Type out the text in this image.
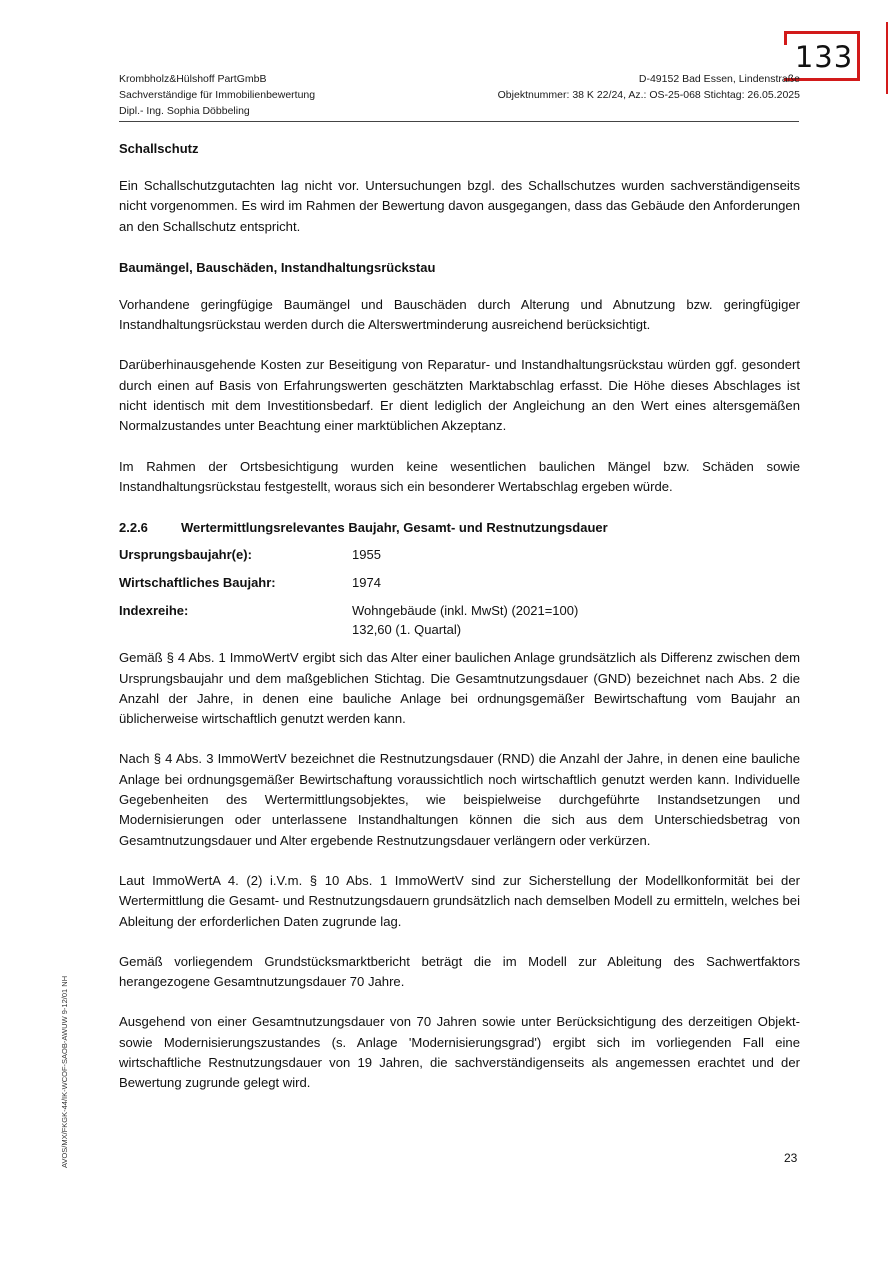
133
Krombholz&Hülshoff PartGmbB
Sachverständige für Immobilienbewertung
Dipl.- Ing. Sophia Döbbeling
D-49152 Bad Essen, Lindenstraße
Objektnummer: 38 K 22/24, Az.: OS-25-068 Stichtag: 26.05.2025
Schallschutz

Ein Schallschutzgutachten lag nicht vor. Untersuchungen bzgl. des Schallschutzes wurden sachverständigenseits nicht vorgenommen. Es wird im Rahmen der Bewertung davon ausgegangen, dass das Gebäude den Anforderungen an den Schallschutz entspricht.

Baumängel, Bauschäden, Instandhaltungsrückstau

Vorhandene geringfügige Baumängel und Bauschäden durch Alterung und Abnutzung bzw. geringfügiger Instandhaltungsrückstau werden durch die Alterswertminderung ausreichend berücksichtigt.

Darüberhinausgehende Kosten zur Beseitigung von Reparatur- und Instandhaltungsrückstau würden ggf. gesondert durch einen auf Basis von Erfahrungswerten geschätzten Marktabschlag erfasst. Die Höhe dieses Abschlages ist nicht identisch mit dem Investitionsbedarf. Er dient lediglich der Angleichung an den Wert eines altersgemäßen Normalzustandes unter Beachtung einer marktüblichen Akzeptanz.

Im Rahmen der Ortsbesichtigung wurden keine wesentlichen baulichen Mängel bzw. Schäden sowie Instandhaltungsrückstau festgestellt, woraus sich ein besonderer Wertabschlag ergeben würde.

2.2.6	Wertermittlungsrelevantes Baujahr, Gesamt- und Restnutzungsdauer
Ursprungsbaujahr(e):	1955
Wirtschaftliches Baujahr:	1974
Indexreihe:	Wohngebäude (inkl. MwSt) (2021=100)
132,60 (1. Quartal)

Gemäß § 4 Abs. 1 ImmoWertV ergibt sich das Alter einer baulichen Anlage grundsätzlich als Differenz zwischen dem Ursprungsbaujahr und dem maßgeblichen Stichtag. Die Gesamtnutzungsdauer (GND) bezeichnet nach Abs. 2 die Anzahl der Jahre, in denen eine bauliche Anlage bei ordnungsgemäßer Bewirtschaftung vom Baujahr an üblicherweise wirtschaftlich genutzt werden kann.

Nach § 4 Abs. 3 ImmoWertV bezeichnet die Restnutzungsdauer (RND) die Anzahl der Jahre, in denen eine bauliche Anlage bei ordnungsgemäßer Bewirtschaftung voraussichtlich noch wirtschaftlich genutzt werden kann. Individuelle Gegebenheiten des Wertermittlungsobjektes, wie beispielweise durchgeführte Instandsetzungen und Modernisierungen oder unterlassene Instandhaltungen können die sich aus dem Unterschiedsbetrag von Gesamtnutzungsdauer und Alter ergebende Restnutzungsdauer verlängern oder verkürzen.

Laut ImmoWertA 4. (2) i.V.m. § 10 Abs. 1 ImmoWertV sind zur Sicherstellung der Modellkonformität bei der Wertermittlung die Gesamt- und Restnutzungsdauern grundsätzlich nach demselben Modell zu ermitteln, welches bei Ableitung der erforderlichen Daten zugrunde lag.

Gemäß vorliegendem Grundstücksmarktbericht beträgt die im Modell zur Ableitung des Sachwertfaktors herangezogene Gesamtnutzungsdauer 70 Jahre.

Ausgehend von einer Gesamtnutzungsdauer von 70 Jahren sowie unter Berücksichtigung des derzeitigen Objekt- sowie Modernisierungszustandes (s. Anlage 'Modernisierungsgrad') ergibt sich im vorliegenden Fall eine wirtschaftliche Restnutzungsdauer von 19 Jahren, die sachverständigenseits als angemessen erachtet und der Bewertung zugrunde gelegt wird.

23
AVOS/MX/FKGK-44/IK-WCOF-SAOB-AWUW 9-12/01 NH
